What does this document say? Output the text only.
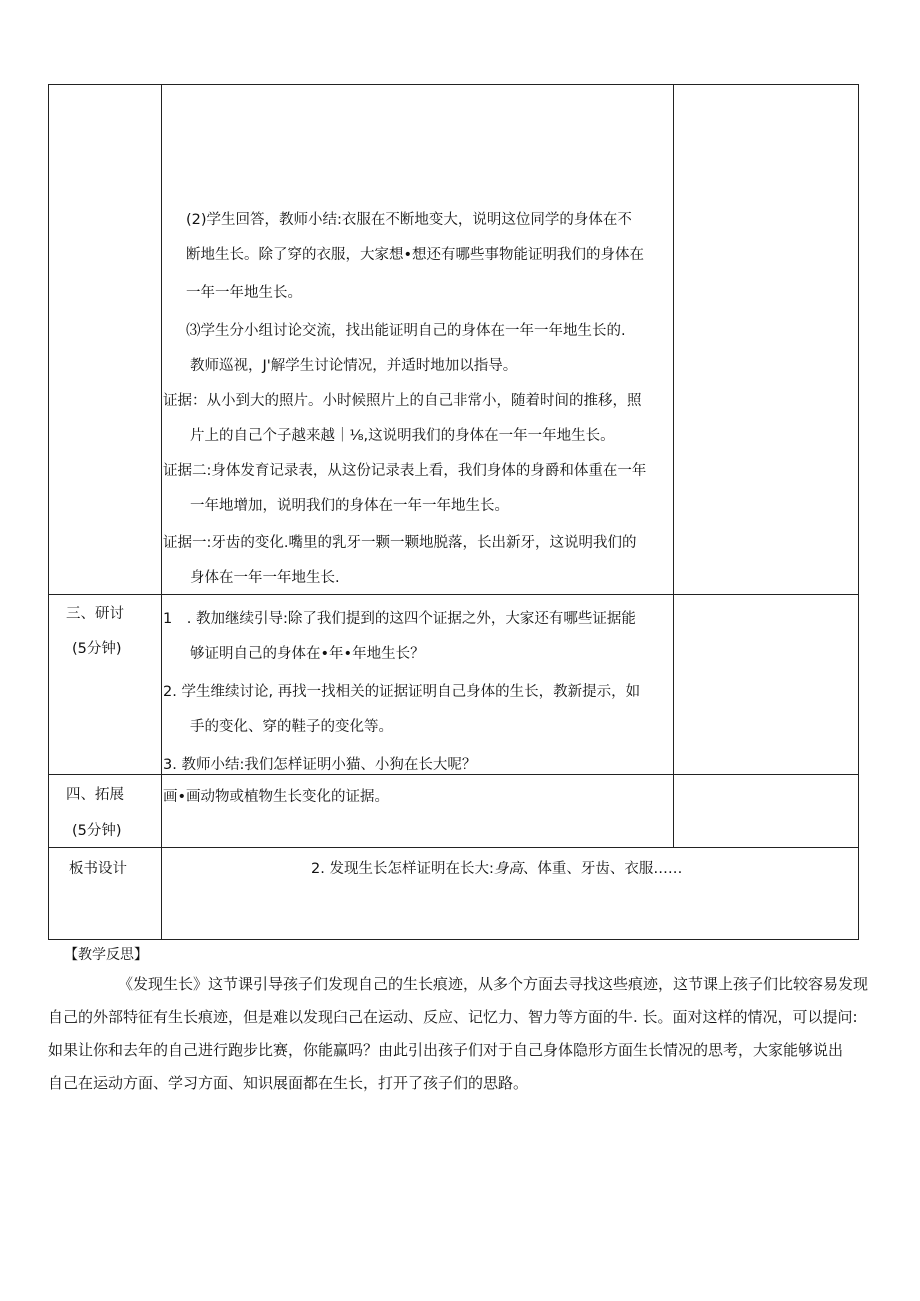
(2)学生回答，教师小结:衣服在不断地变大，说明这位同学的身体在不
断地生长。除了穿的衣服，大家想•想还有哪些事物能证明我们的身体在
一年一年地生长。
⑶学生分小组讨论交流，找出能证明自己的身体在一年一年地生长的.
教师巡视，J'解学生讨论情况，并适时地加以指导。
证据：从小到大的照片。小时候照片上的自己非常小，随着时间的推移，照
片上的自己个子越来越｜⅛,这说明我们的身体在一年一年地生长。
证据二:身体发育记录表，从这份记录表上看，我们身体的身爵和体重在一年
一年地增加，说明我们的身体在一年一年地生长。
证据一:牙齿的变化.嘴里的乳牙一颗一颗地脱落，长出新牙，这说明我们的
身体在一年一年地生长.
三、研讨
(5分钟)
1　. 教加继续引导:除了我们提到的这四个证据之外，大家还有哪些证据能
够证明自己的身体在•年•年地生长？
2. 学生维续讨论, 再找一找相关的证据证明自己身体的生长，教新提示，如
手的变化、穿的鞋子的变化等。
3. 教师小结:我们怎样证明小猫、小狗在长大呢？
四、拓展
(5分钟)
画•画动物或植物生长变化的证据。
板书设计	2. 发现生长怎样证明在长大:身高、体重、牙齿、衣服……
【教学反思】
《发现生长》这节课引导孩子们发现自己的生长痕迹，从多个方面去寻找这些痕迹，这节课上孩子们比较容易发现
自己的外部特征有生长痕迹，但是难以发现臼己在运动、反应、记忆力、智力等方面的牛. 长。面对这样的情况，可以提问:
如果让你和去年的自己进行跑步比赛，你能赢吗？由此引出孩子们对于自己身体隐形方面生长情况的思考，大家能够说出
自己在运动方面、学习方面、知识展面都在生长，打开了孩子们的思路。
